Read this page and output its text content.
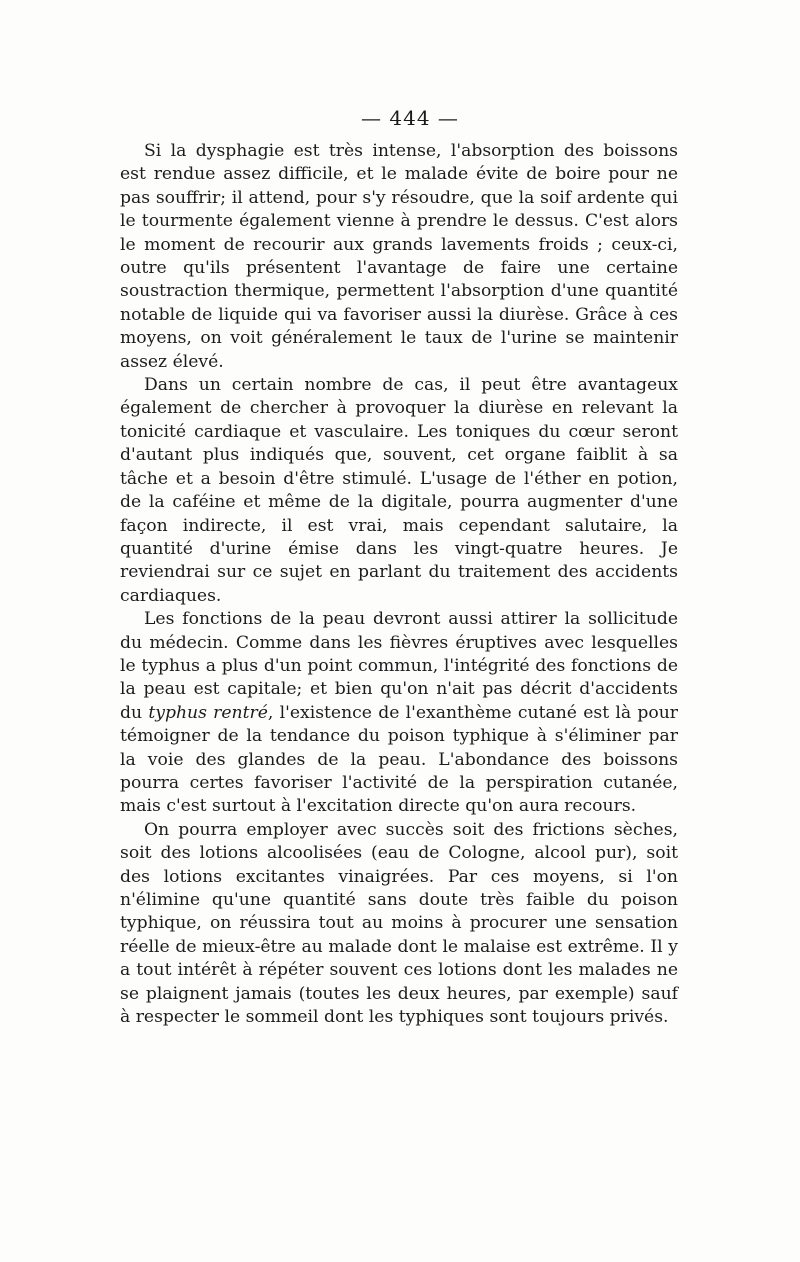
— 444 —

Si la dysphagie est très intense, l'absorption des boissons est rendue assez difficile, et le malade évite de boire pour ne pas souffrir; il attend, pour s'y résoudre, que la soif ardente qui le tourmente également vienne à prendre le dessus. C'est alors le moment de recourir aux grands lavements froids ; ceux-ci, outre qu'ils présentent l'avantage de faire une certaine soustraction thermique, permettent l'absorption d'une quantité notable de liquide qui va favoriser aussi la diurèse. Grâce à ces moyens, on voit généralement le taux de l'urine se maintenir assez élevé.

Dans un certain nombre de cas, il peut être avantageux également de chercher à provoquer la diurèse en relevant la tonicité cardiaque et vasculaire. Les toniques du cœur seront d'autant plus indiqués que, souvent, cet organe faiblit à sa tâche et a besoin d'être stimulé. L'usage de l'éther en potion, de la caféine et même de la digitale, pourra augmenter d'une façon indirecte, il est vrai, mais cependant salutaire, la quantité d'urine émise dans les vingt-quatre heures. Je reviendrai sur ce sujet en parlant du traitement des accidents cardiaques.

Les fonctions de la peau devront aussi attirer la sollicitude du médecin. Comme dans les fièvres éruptives avec lesquelles le typhus a plus d'un point commun, l'intégrité des fonctions de la peau est capitale; et bien qu'on n'ait pas décrit d'accidents du typhus rentré, l'existence de l'exanthème cutané est là pour témoigner de la tendance du poison typhique à s'éliminer par la voie des glandes de la peau. L'abondance des boissons pourra certes favoriser l'activité de la perspiration cutanée, mais c'est surtout à l'excitation directe qu'on aura recours.

On pourra employer avec succès soit des frictions sèches, soit des lotions alcoolisées (eau de Cologne, alcool pur), soit des lotions excitantes vinaigrées. Par ces moyens, si l'on n'élimine qu'une quantité sans doute très faible du poison typhique, on réussira tout au moins à procurer une sensation réelle de mieux-être au malade dont le malaise est extrême. Il y a tout intérêt à répéter souvent ces lotions dont les malades ne se plaignent jamais (toutes les deux heures, par exemple) sauf à respecter le sommeil dont les typhiques sont toujours privés.
